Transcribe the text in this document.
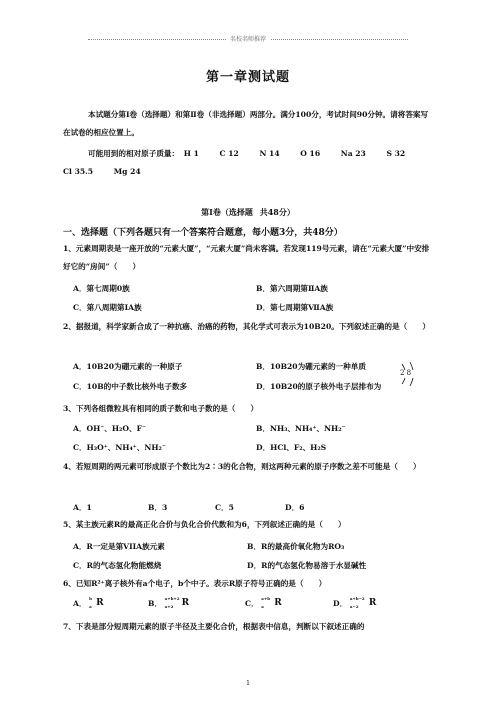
名校名师推荐
第一章测试题
本试题分第Ⅰ卷（选择题）和第Ⅱ卷（非选择题）两部分。满分100分，考试时间90分钟。请将答案写在试卷的相应位置上。
可能用到的相对原子质量： H 1	C 12	N 14	O 16	Na 23	S 32
Cl 35.5	Mg 24
第Ⅰ卷（选择题 共48分）
一、选择题（下列各题只有一个答案符合题意，每小题3分，共48分）
1、元素周期表是一座开放的“元素大厦”，“元素大厦”尚未客满。若发现119号元素，请在“元素大厦”中安排好它的“房间”（　　）
A．第七周期0族	B．第六周期第ⅡA族
C．第八周期第ⅠA族	D．第七周期第ⅦA族
2、据报道，科学家新合成了一种抗癌、治癌的药物，其化学式可表示为10B20。下列叙述正确的是（　　）
A．10B20为硼元素的一种原子	B．10B20为硼元素的一种单质
C．10B的中子数比核外电子数多	D．10B20的原子核外电子层排布为
2 8
3、下列各组微粒具有相同的质子数和电子数的是（　　）
A．OH⁻、H₂O、F⁻	B．NH₃、NH₄⁺、NH₂⁻
C．H₃O⁺、NH₄⁺、NH₂⁻	D．HCl、F₂、H₂S
4、若短周期的两元素可形成原子个数比为2∶3的化合物，则这两种元素的原子序数之差不可能是（　　）
A．1	B．3	C．5	D．6
5、某主族元素R的最高正化合价与负化合价代数和为6，下列叙述正确的是（　　）
A．R一定是第VIIA族元素	B．R的最高价氧化物为RO₃
C．R的气态氢化物能燃烧	D．R的气态氢化物易溶于水显碱性
6、已知R²⁺离子核外有a个电子，b个中子。表示R原子符号正确的是（　　）
A．
b
a R	B．
a+b+2
a+2 R	C．
a+b
a R	D．
a+b−2
a−2 R
7、下表是部分短周期元素的原子半径及主要化合价，根据表中信息，判断以下叙述正确的
1
